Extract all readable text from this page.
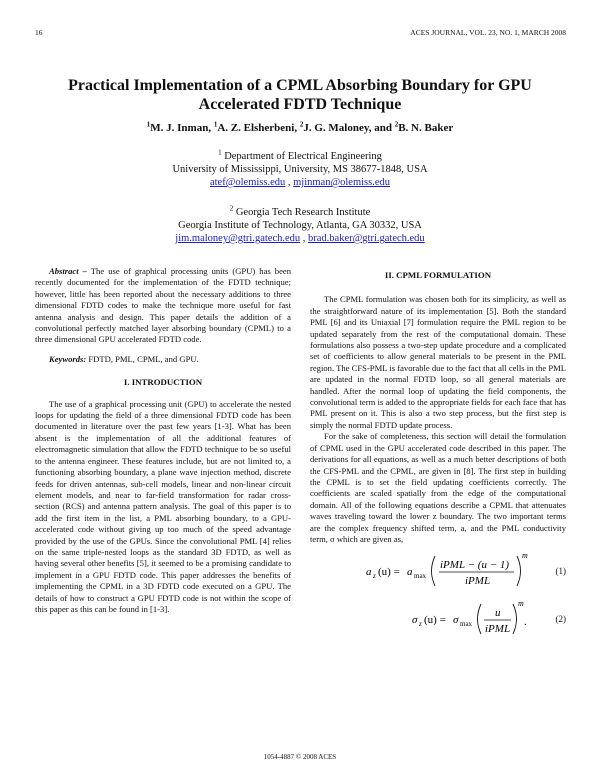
16	ACES JOURNAL, VOL. 23, NO. 1, MARCH 2008
Practical Implementation of a CPML Absorbing Boundary for GPU Accelerated FDTD Technique
$^1$M. J. Inman, $^1$A. Z. Elsherbeni, $^2$J. G. Maloney, and $^2$B. N. Baker
$^1$ Department of Electrical Engineering
University of Mississippi, University, MS 38677-1848, USA
atef@olemiss.edu , mjinman@olemiss.edu
$^2$ Georgia Tech Research Institute
Georgia Institute of Technology, Atlanta, GA 30332, USA
jim.maloney@gtri.gatech.edu , brad.baker@gtri.gatech.edu

Abstract – The use of graphical processing units (GPU) has been recently documented for the implementation of the FDTD technique; however, little has been reported about the necessary additions to three dimensional FDTD codes to make the technique more useful for fast antenna analysis and design. This paper details the addition of a convolutional perfectly matched layer absorbing boundary (CPML) to a three dimensional GPU accelerated FDTD code.

Keywords: FDTD, PML, CPML, and GPU.

I. INTRODUCTION

The use of a graphical processing unit (GPU) to accelerate the nested loops for updating the field of a three dimensional FDTD code has been documented in literature over the past few years [1-3]. What has been absent is the implementation of all the additional features of electromagnetic simulation that allow the FDTD technique to be so useful to the antenna engineer. These features include, but are not limited to, a functioning absorbing boundary, a plane wave injection method, discrete feeds for driven antennas, sub-cell models, linear and non-linear circuit element models, and near to far-field transformation for radar cross-section (RCS) and antenna pattern analysis. The goal of this paper is to add the first item in the list, a PML absorbing boundary, to a GPU-accelerated code without giving up too much of the speed advantage provided by the use of the GPUs. Since the convolutional PML [4] relies on the same triple-nested loops as the standard 3D FDTD, as well as having several other benefits [5], it seemed to be a promising candidate to implement in a GPU FDTD code. This paper addresses the benefits of implementing the CPML in a 3D FDTD code executed on a GPU. The details of how to construct a GPU FDTD code is not within the scope of this paper as this can be found in [1-3].

II. CPML FORMULATION

The CPML formulation was chosen both for its simplicity, as well as the straightforward nature of its implementation [5]. Both the standard PML [6] and its Uniaxial [7] formulation require the PML region to be updated separately from the rest of the computational domain. These formulations also possess a two-step update procedure and a complicated set of coefficients to allow general materials to be present in the PML region. The CFS-PML is favorable due to the fact that all cells in the PML are updated in the normal FDTD loop, so all general materials are handled. After the normal loop of updating the field components, the convolutional term is added to the appropriate fields for each face that has PML present on it. This is also a two step process, but the first step is simply the normal FDTD update process.

For the sake of completeness, this section will detail the formulation of CPML used in the GPU accelerated code described in this paper. The derivations for all equations, as well as a much better descriptions of both the CFS-PML and the CPML, are given in [8]. The first step in building the CPML is to set the field updating coefficients correctly. The coefficients are scaled spatially from the edge of the computational domain. All of the following equations describe a CPML that attenuates waves traveling toward the lower z boundary. The two important terms are the complex frequency shifted term, a, and the PML conductivity term, σ which are given as,

a z (u) = a max
iPML − (u − 1)
iPML
m
(1)
σ z (u) = σ max
u
iPML
m
.	(2)
1054-4887 © 2008 ACES
